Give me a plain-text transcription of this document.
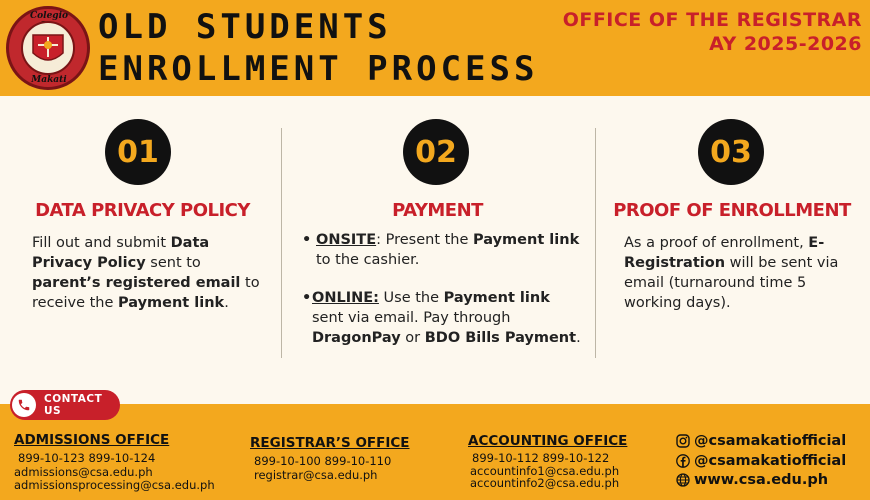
Colegio
Makati
OLD STUDENTS
ENROLLMENT PROCESS
OFFICE OF THE REGISTRAR
AY 2025-2026
01
DATA PRIVACY POLICY
Fill out and submit Data Privacy Policy sent to parent’s registered email to receive the Payment link.
02
PAYMENT
• ONSITE: Present the Payment link to the cashier.
• ONLINE: Use the Payment link sent via email. Pay through DragonPay or BDO Bills Payment.
03
PROOF OF ENROLLMENT
As a proof of enrollment, E-Registration will be sent via email (turnaround time 5 working days).
CONTACT US
ADMISSIONS OFFICE
899-10-123 899-10-124
admissions@csa.edu.ph
admissionsprocessing@csa.edu.ph
REGISTRAR’S OFFICE
899-10-100 899-10-110
registrar@csa.edu.ph
ACCOUNTING OFFICE
899-10-112 899-10-122
accountinfo1@csa.edu.ph
accountinfo2@csa.edu.ph
@csamakatiofficial
@csamakatiofficial
www.csa.edu.ph
